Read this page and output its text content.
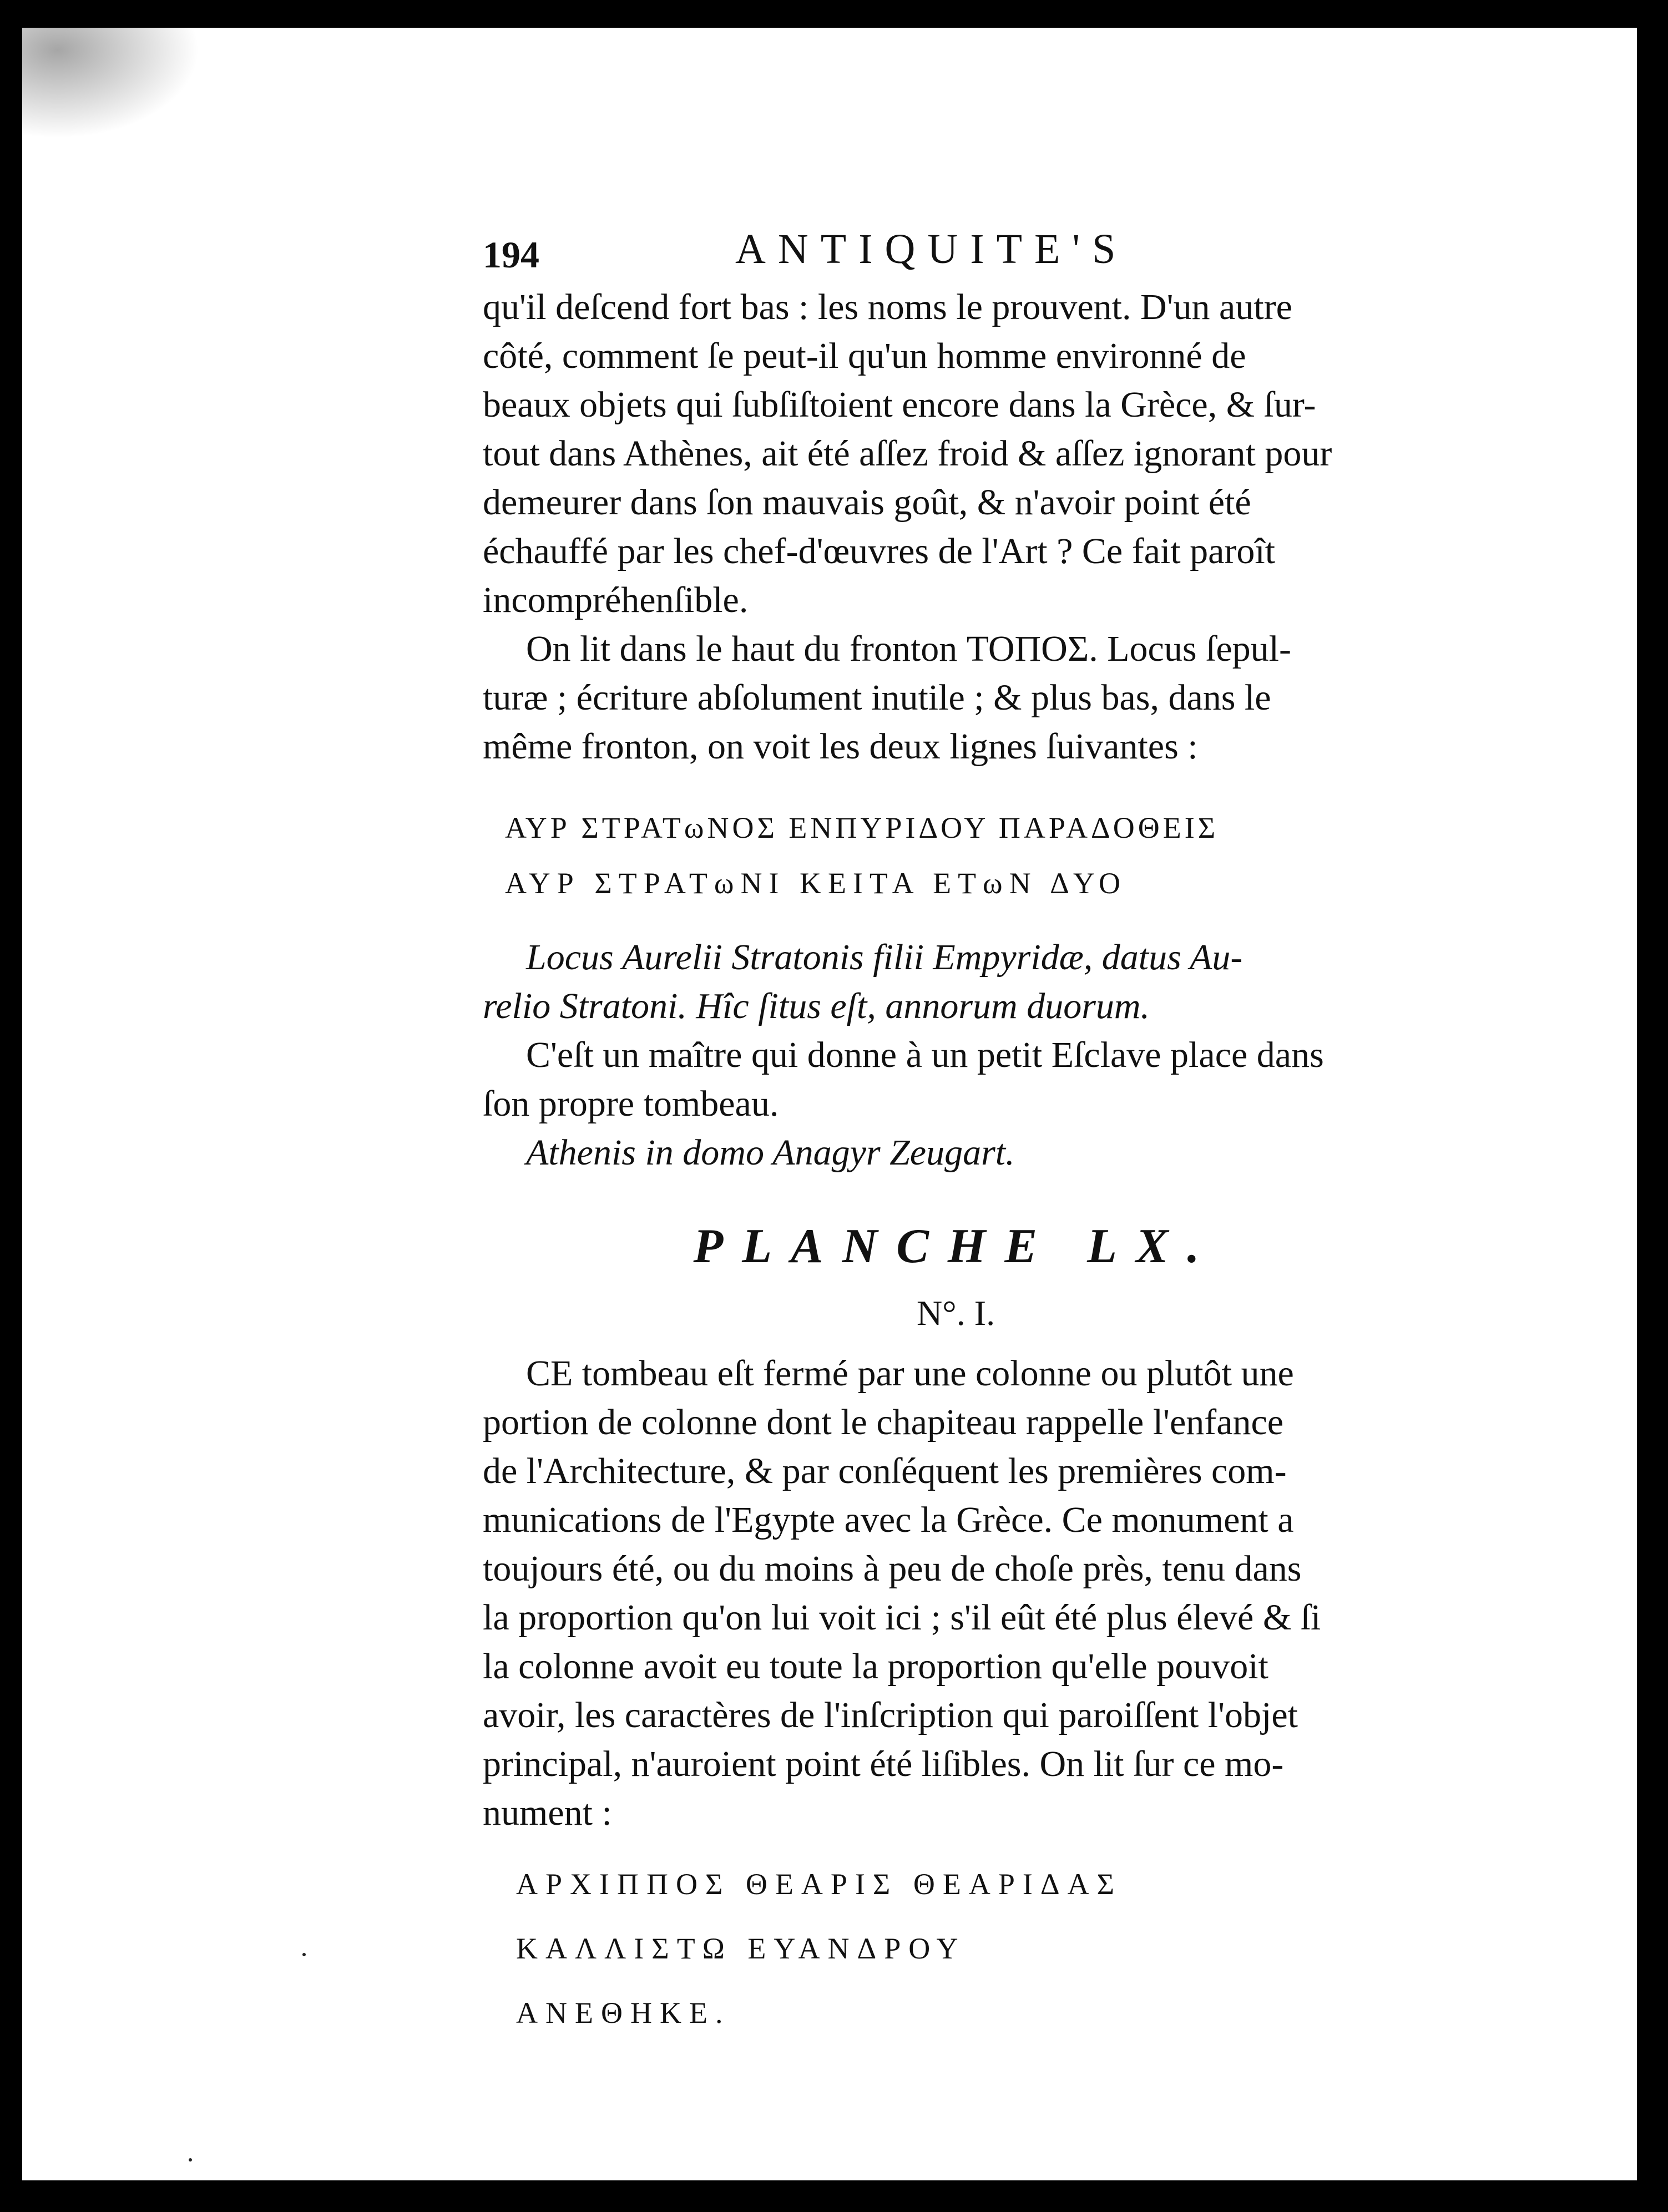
194	ANTIQUITE'S

qu'il deſcend fort bas : les noms le prouvent. D'un autre

côté, comment ſe peut-il qu'un homme environné de

beaux objets qui ſubſiſtoient encore dans la Grèce, & ſur-

tout dans Athènes, ait été aſſez froid & aſſez ignorant pour

demeurer dans ſon mauvais goût, & n'avoir point été

échauffé par les chef-d'œuvres de l'Art ? Ce fait paroît

incompréhenſible.

On lit dans le haut du fronton ΤΟΠΟΣ. Locus ſepul-

turæ ; écriture abſolument inutile ; & plus bas, dans le

même fronton, on voit les deux lignes ſuivantes :

ΑΥΡ ΣΤΡΑΤωΝΟΣ ΕΝΠΥΡΙΔΟΥ ΠΑΡΑΔΟΘΕΙΣ
ΑΥΡ ΣΤΡΑΤωΝΙ ΚΕΙΤΑ ΕΤωΝ ΔΥΟ

Locus Aurelii Stratonis filii Empyridæ, datus Au-

relio Stratoni. Hîc ſitus eſt, annorum duorum.

C'eſt un maître qui donne à un petit Eſclave place dans

ſon propre tombeau.

Athenis in domo Anagyr Zeugart.

PLANCHE LX.
N°. I.

CE tombeau eſt fermé par une colonne ou plutôt une

portion de colonne dont le chapiteau rappelle l'enfance

de l'Architecture, & par conſéquent les premières com-

munications de l'Egypte avec la Grèce. Ce monument a

toujours été, ou du moins à peu de choſe près, tenu dans

la proportion qu'on lui voit ici ; s'il eût été plus élevé & ſi

la colonne avoit eu toute la proportion qu'elle pouvoit

avoir, les caractères de l'inſcription qui paroiſſent l'objet

principal, n'auroient point été liſibles. On lit ſur ce mo-

nument :

ΑΡΧΙΠΠΟΣ ΘΕΑΡΙΣ ΘΕΑΡΙΔΑΣ
ΚΑΛΛΙΣΤΩ ΕΥΑΝΔΡΟΥ
ΑΝΕΘΗΚΕ.
